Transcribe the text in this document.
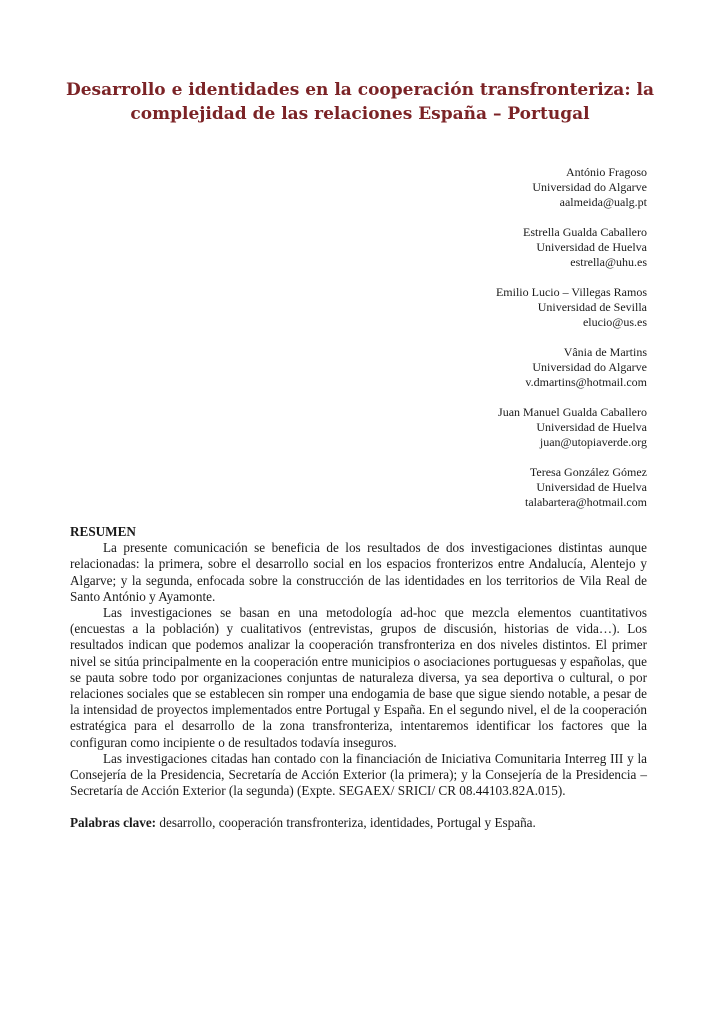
Desarrollo e identidades en la cooperación transfronteriza: la
complejidad de las relaciones España – Portugal
António Fragoso
Universidad do Algarve
aalmeida@ualg.pt
Estrella Gualda Caballero
Universidad de Huelva
estrella@uhu.es
Emilio Lucio – Villegas Ramos
Universidad de Sevilla
elucio@us.es
Vânia de Martins
Universidad do Algarve
v.dmartins@hotmail.com
Juan Manuel Gualda Caballero
Universidad de Huelva
juan@utopiaverde.org
Teresa González Gómez
Universidad de Huelva
talabartera@hotmail.com
RESUMEN

La presente comunicación se beneficia de los resultados de dos investigaciones distintas aunque relacionadas: la primera, sobre el desarrollo social en los espacios fronterizos entre Andalucía, Alentejo y Algarve; y la segunda, enfocada sobre la construcción de las identidades en los territorios de Vila Real de Santo António y Ayamonte.

Las investigaciones se basan en una metodología ad-hoc que mezcla elementos cuantitativos (encuestas a la población) y cualitativos (entrevistas, grupos de discusión, historias de vida…). Los resultados indican que podemos analizar la cooperación transfronteriza en dos niveles distintos. El primer nivel se sitúa principalmente en la cooperación entre municipios o asociaciones portuguesas y españolas, que se pauta sobre todo por organizaciones conjuntas de naturaleza diversa, ya sea deportiva o cultural, o por relaciones sociales que se establecen sin romper una endogamia de base que sigue siendo notable, a pesar de la intensidad de proyectos implementados entre Portugal y España. En el segundo nivel, el de la cooperación estratégica para el desarrollo de la zona transfronteriza, intentaremos identificar los factores que la configuran como incipiente o de resultados todavía inseguros.

Las investigaciones citadas han contado con la financiación de Iniciativa Comunitaria Interreg III y la Consejería de la Presidencia, Secretaría de Acción Exterior (la primera); y la Consejería de la Presidencia – Secretaría de Acción Exterior (la segunda) (Expte. SEGAEX/ SRICI/ CR 08.44103.82A.015).

Palabras clave: desarrollo, cooperación transfronteriza, identidades, Portugal y España.
